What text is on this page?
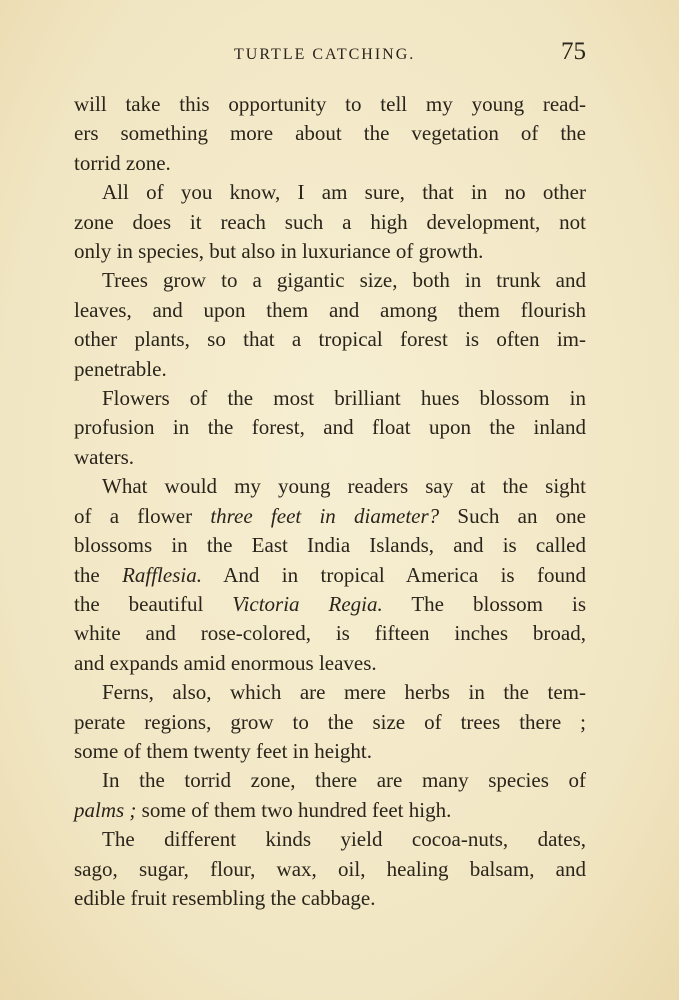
TURTLE CATCHING.	75
will take this opportunity to tell my young read-
ers something more about the vegetation of the
torrid zone.
All of you know, I am sure, that in no other
zone does it reach such a high development, not
only in species, but also in luxuriance of growth.
Trees grow to a gigantic size, both in trunk and
leaves, and upon them and among them flourish
other plants, so that a tropical forest is often im-
penetrable.
Flowers of the most brilliant hues blossom in
profusion in the forest, and float upon the inland
waters.
What would my young readers say at the sight
of a flower three feet in diameter? Such an one
blossoms in the East India Islands, and is called
the Rafflesia. And in tropical America is found
the beautiful Victoria Regia. The blossom is
white and rose-colored, is fifteen inches broad,
and expands amid enormous leaves.
Ferns, also, which are mere herbs in the tem-
perate regions, grow to the size of trees there ;
some of them twenty feet in height.
In the torrid zone, there are many species of
palms ; some of them two hundred feet high.
The different kinds yield cocoa-nuts, dates,
sago, sugar, flour, wax, oil, healing balsam, and
edible fruit resembling the cabbage.
